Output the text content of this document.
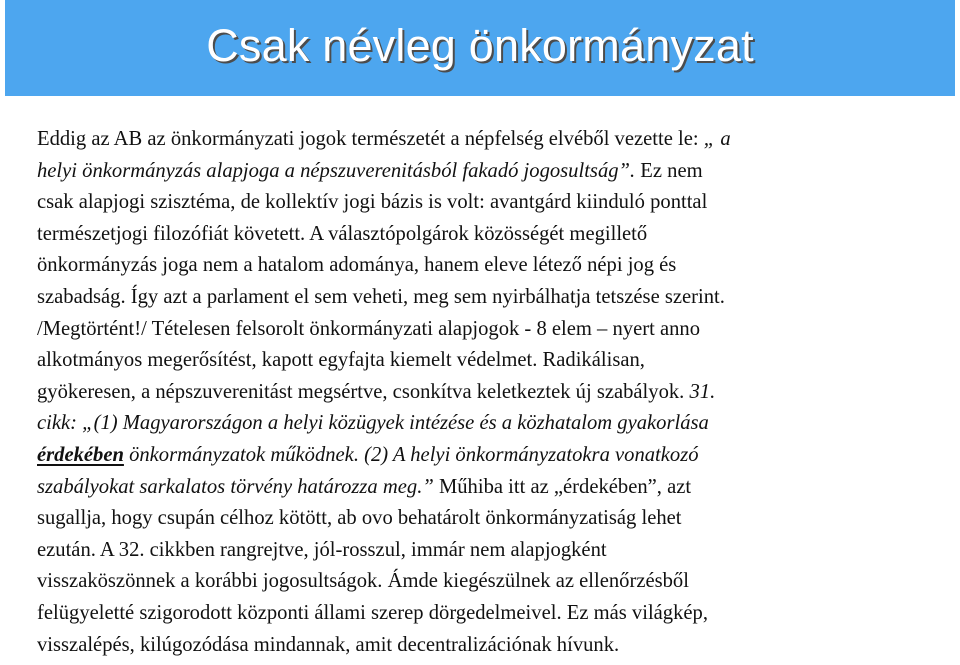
Csak névleg önkormányzat
Eddig az AB az önkormányzati jogok természetét a népfelség elvéből vezette le: „ a
helyi önkormányzás alapjoga a népszuverenitásból fakadó jogosultság”. Ez nem
csak alapjogi szisztéma, de kollektív jogi bázis is volt: avantgárd kiinduló ponttal
természetjogi filozófiát követett. A választópolgárok közösségét megillető
önkormányzás joga nem a hatalom adománya, hanem eleve létező népi jog és
szabadság. Így azt a parlament el sem veheti, meg sem nyirbálhatja tetszése szerint.
/Megtörtént!/ Tételesen felsorolt önkormányzati alapjogok - 8 elem – nyert anno
alkotmányos megerősítést, kapott egyfajta kiemelt védelmet. Radikálisan,
gyökeresen, a népszuverenitást megsértve, csonkítva keletkeztek új szabályok. 31.
cikk: „(1) Magyarországon a helyi közügyek intézése és a közhatalom gyakorlása
érdekében önkormányzatok működnek. (2) A helyi önkormányzatokra vonatkozó
szabályokat sarkalatos törvény határozza meg.” Műhiba itt az „érdekében”, azt
sugallja, hogy csupán célhoz kötött, ab ovo behatárolt önkormányzatiság lehet
ezután. A 32. cikkben rangrejtve, jól-rosszul, immár nem alapjogként
visszaköszönnek a korábbi jogosultságok. Ámde kiegészülnek az ellenőrzésből
felügyeletté szigorodott központi állami szerep dörgedelmeivel. Ez más világkép,
visszalépés, kilúgozódása mindannak, amit decentralizációnak hívunk.
